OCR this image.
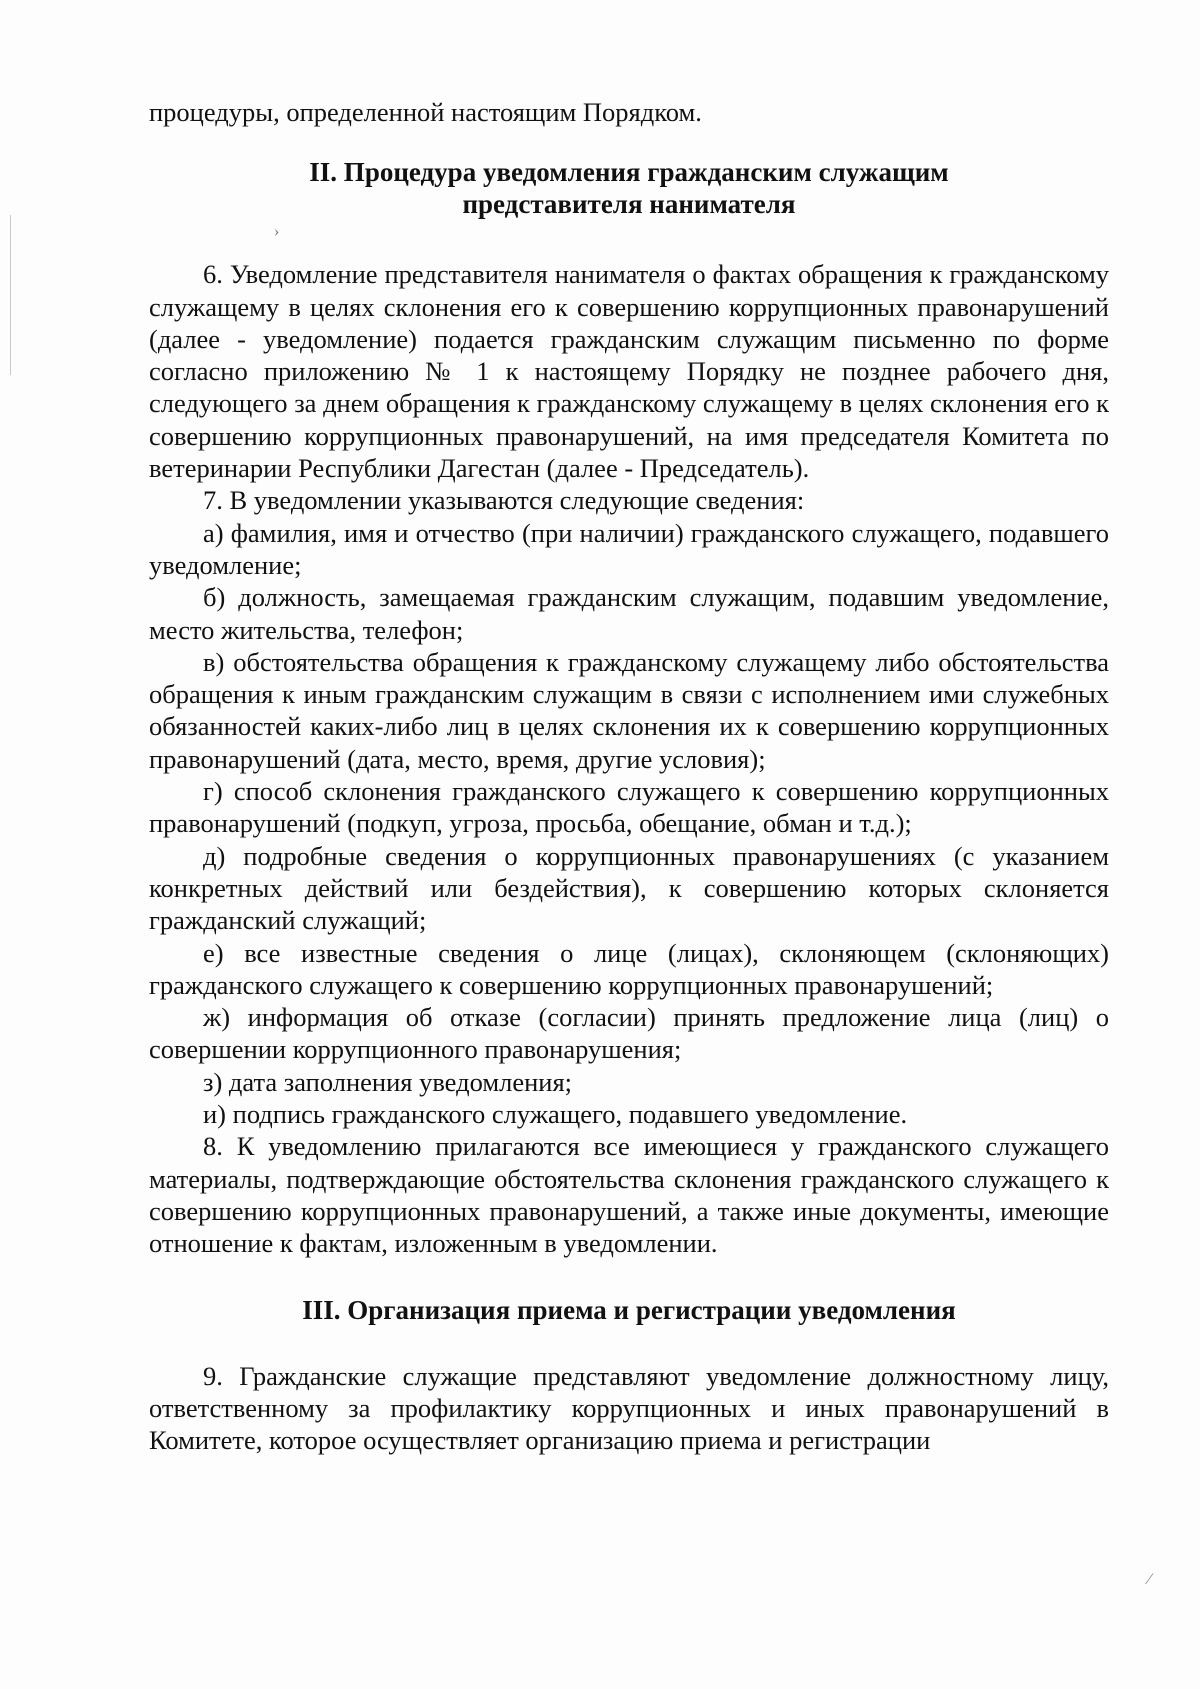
процедуры, определенной настоящим Порядком.

II. Процедура уведомления гражданским служащим
представителя нанимателя

6. Уведомление представителя нанимателя о фактах обращения к гражданскому служащему в целях склонения его к совершению коррупционных правонарушений (далее - уведомление) подается гражданским служащим письменно по форме согласно приложению № 1 к настоящему Порядку не позднее рабочего дня, следующего за днем обращения к гражданскому служащему в целях склонения его к совершению коррупционных правонарушений, на имя председателя Комитета по ветеринарии Республики Дагестан (далее - Председатель).

7. В уведомлении указываются следующие сведения:

а) фамилия, имя и отчество (при наличии) гражданского служащего, подавшего уведомление;

б) должность, замещаемая гражданским служащим, подавшим уведомление, место жительства, телефон;

в) обстоятельства обращения к гражданскому служащему либо обстоятельства обращения к иным гражданским служащим в связи с исполнением ими служебных обязанностей каких-либо лиц в целях склонения их к совершению коррупционных правонарушений (дата, место, время, другие условия);

г) способ склонения гражданского служащего к совершению коррупционных правонарушений (подкуп, угроза, просьба, обещание, обман и т.д.);

д) подробные сведения о коррупционных правонарушениях (с указанием конкретных действий или бездействия), к совершению которых склоняется гражданский служащий;

е) все известные сведения о лице (лицах), склоняющем (склоняющих) гражданского служащего к совершению коррупционных правонарушений;

ж) информация об отказе (согласии) принять предложение лица (лиц) о совершении коррупционного правонарушения;

з) дата заполнения уведомления;

и) подпись гражданского служащего, подавшего уведомление.

8. К уведомлению прилагаются все имеющиеся у гражданского служащего материалы, подтверждающие обстоятельства склонения гражданского служащего к совершению коррупционных правонарушений, а также иные документы, имеющие отношение к фактам, изложенным в уведомлении.

III. Организация приема и регистрации уведомления

9. Гражданские служащие представляют уведомление должностному лицу, ответственному за профилактику коррупционных и иных правонарушений в Комитете, которое осуществляет организацию приема и регистрации

›
⁄
